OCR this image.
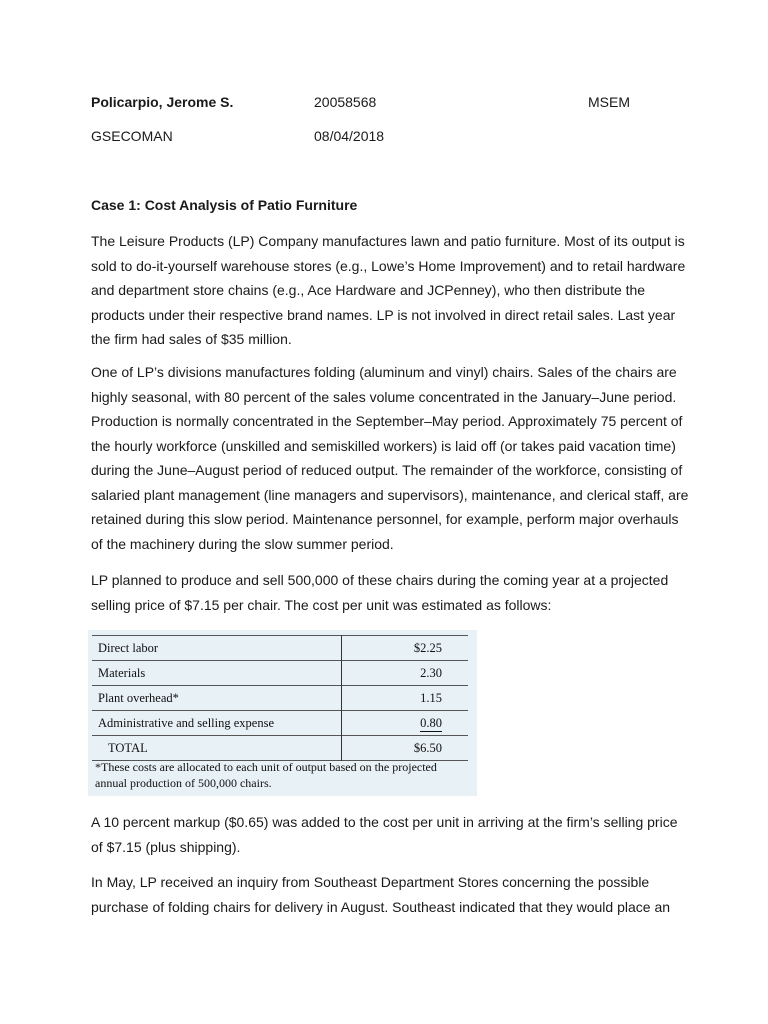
Policarpio, Jerome S.	20058568	MSEM
GSECOMAN	08/04/2018
Case 1: Cost Analysis of Patio Furniture

The Leisure Products (LP) Company manufactures lawn and patio furniture. Most of its output is sold to do-it-yourself warehouse stores (e.g., Lowe’s Home Improvement) and to retail hardware and department store chains (e.g., Ace Hardware and JCPenney), who then distribute the products under their respective brand names. LP is not involved in direct retail sales. Last year the firm had sales of $35 million.

One of LP’s divisions manufactures folding (aluminum and vinyl) chairs. Sales of the chairs are highly seasonal, with 80 percent of the sales volume concentrated in the January–June period. Production is normally concentrated in the September–May period. Approximately 75 percent of the hourly workforce (unskilled and semiskilled workers) is laid off (or takes paid vacation time) during the June–August period of reduced output. The remainder of the workforce, consisting of salaried plant management (line managers and supervisors), maintenance, and clerical staff, are retained during this slow period. Maintenance personnel, for example, perform major overhauls of the machinery during the slow summer period.

LP planned to produce and sell 500,000 of these chairs during the coming year at a projected selling price of $7.15 per chair. The cost per unit was estimated as follows:

Direct labor	$2.25
Materials	2.30
Plant overhead*	1.15
Administrative and selling expense	0.80
TOTAL	$6.50
*These costs are allocated to each unit of output based on the projected annual production of 500,000 chairs.

A 10 percent markup ($0.65) was added to the cost per unit in arriving at the firm’s selling price of $7.15 (plus shipping).

In May, LP received an inquiry from Southeast Department Stores concerning the possible purchase of folding chairs for delivery in August. Southeast indicated that they would place an
